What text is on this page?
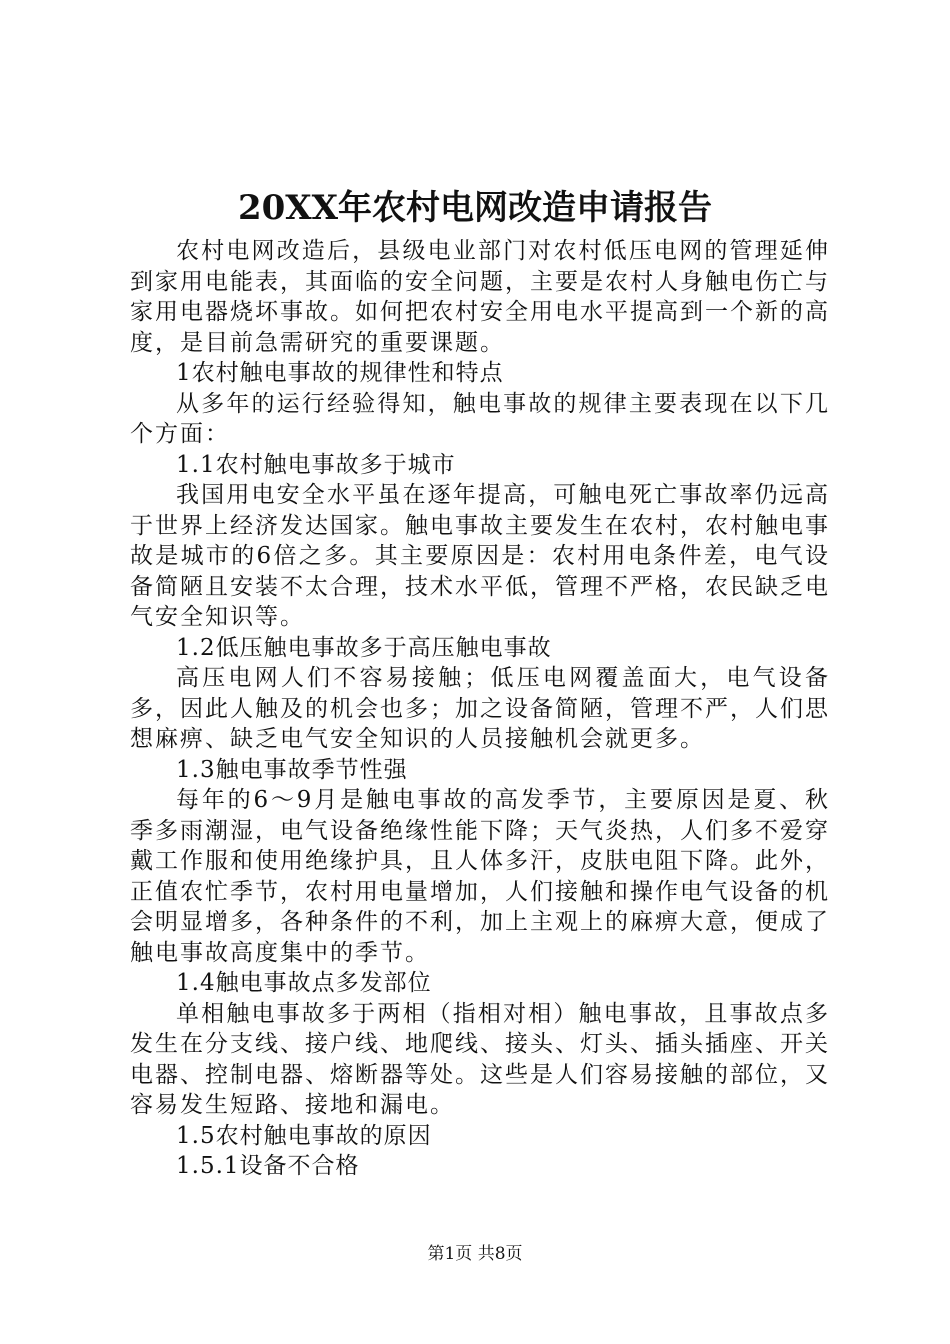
20XX年农村电网改造申请报告

农村电网改造后，县级电业部门对农村低压电网的管理延伸到家用电能表，其面临的安全问题，主要是农村人身触电伤亡与家用电器烧坏事故。如何把农村安全用电水平提高到一个新的高度，是目前急需研究的重要课题。

1农村触电事故的规律性和特点

从多年的运行经验得知，触电事故的规律主要表现在以下几个方面：

1.1农村触电事故多于城市

我国用电安全水平虽在逐年提高，可触电死亡事故率仍远高于世界上经济发达国家。触电事故主要发生在农村，农村触电事故是城市的6倍之多。其主要原因是：农村用电条件差，电气设备简陋且安装不太合理，技术水平低，管理不严格，农民缺乏电气安全知识等。

1.2低压触电事故多于高压触电事故

高压电网人们不容易接触；低压电网覆盖面大，电气设备多，因此人触及的机会也多；加之设备简陋，管理不严，人们思想麻痹、缺乏电气安全知识的人员接触机会就更多。

1.3触电事故季节性强

每年的6～9月是触电事故的高发季节，主要原因是夏、秋季多雨潮湿，电气设备绝缘性能下降；天气炎热，人们多不爱穿戴工作服和使用绝缘护具，且人体多汗，皮肤电阻下降。此外，正值农忙季节，农村用电量增加，人们接触和操作电气设备的机会明显增多，各种条件的不利，加上主观上的麻痹大意，便成了触电事故高度集中的季节。

1.4触电事故点多发部位

单相触电事故多于两相（指相对相）触电事故，且事故点多发生在分支线、接户线、地爬线、接头、灯头、插头插座、开关电器、控制电器、熔断器等处。这些是人们容易接触的部位，又容易发生短路、接地和漏电。

1.5农村触电事故的原因

1.5.1设备不合格

第1页 共8页
